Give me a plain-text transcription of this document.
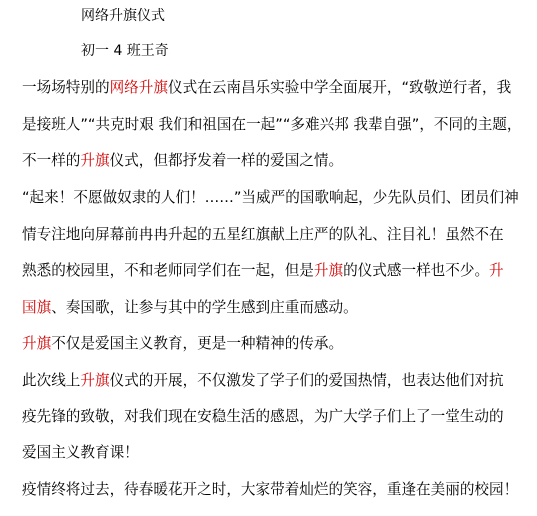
网络升旗仪式
初一 4 班王奇
一场场特别的网络升旗仪式在云南昌乐实验中学全面展开，“致敬逆行者，我
是接班人”“共克时艰 我们和祖国在一起”“多难兴邦 我辈自强”，不同的主题，
不一样的升旗仪式，但都抒发着一样的爱国之情。
“起来！不愿做奴隶的人们！……”当威严的国歌响起，少先队员们、团员们神
情专注地向屏幕前冉冉升起的五星红旗献上庄严的队礼、注目礼！虽然不在
熟悉的校园里，不和老师同学们在一起，但是升旗的仪式感一样也不少。升
国旗、奏国歌，让参与其中的学生感到庄重而感动。
升旗不仅是爱国主义教育，更是一种精神的传承。
此次线上升旗仪式的开展，不仅激发了学子们的爱国热情，也表达他们对抗
疫先锋的致敬，对我们现在安稳生活的感恩，为广大学子们上了一堂生动的
爱国主义教育课！
疫情终将过去，待春暖花开之时，大家带着灿烂的笑容，重逢在美丽的校园！
